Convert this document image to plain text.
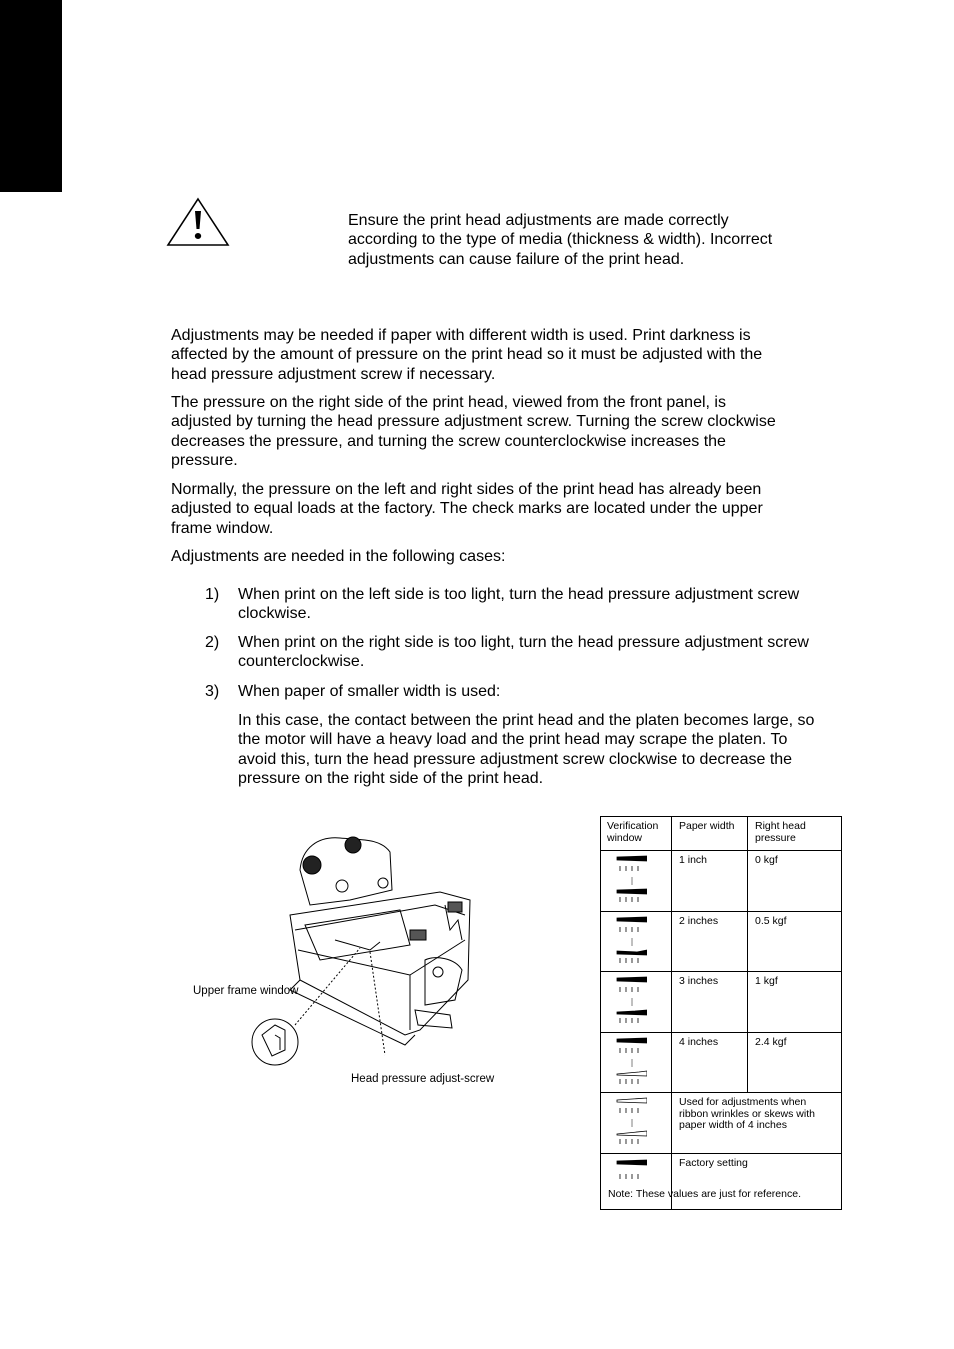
Ensure the print head adjustments are made correctly according to the type of media (thickness & width). Incorrect adjustments can cause failure of the print head.

Adjustments may be needed if paper with different width is used. Print darkness is affected by the amount of pressure on the print head so it must be adjusted with the head pressure adjustment screw if necessary.

The pressure on the right side of the print head, viewed from the front panel, is adjusted by turning the head pressure adjustment screw. Turning the screw clockwise decreases the pressure, and turning the screw counterclockwise increases the pressure.

Normally, the pressure on the left and right sides of the print head has already been adjusted to equal loads at the factory. The check marks are located under the upper frame window.

Adjustments are needed in the following cases:

1) When print on the left side is too light, turn the head pressure adjustment screw clockwise.
2) When print on the right side is too light, turn the head pressure adjustment screw counterclockwise.
3) When paper of smaller width is used:
In this case, the contact between the print head and the platen becomes large, so the motor will have a heavy load and the print head may scrape the platen. To avoid this, turn the head pressure adjustment screw clockwise to decrease the pressure on the right side of the print head.
Upper frame window
Head pressure adjust-screw
Verification window	Paper width	Right head pressure
	1 inch	0 kgf
	2 inches	0.5 kgf
	3 inches	1 kgf
	4 inches	2.4 kgf
	Used for adjustments when ribbon wrinkles or skews with paper width of 4 inches	
	Factory setting	
Note: These values are just for reference.
